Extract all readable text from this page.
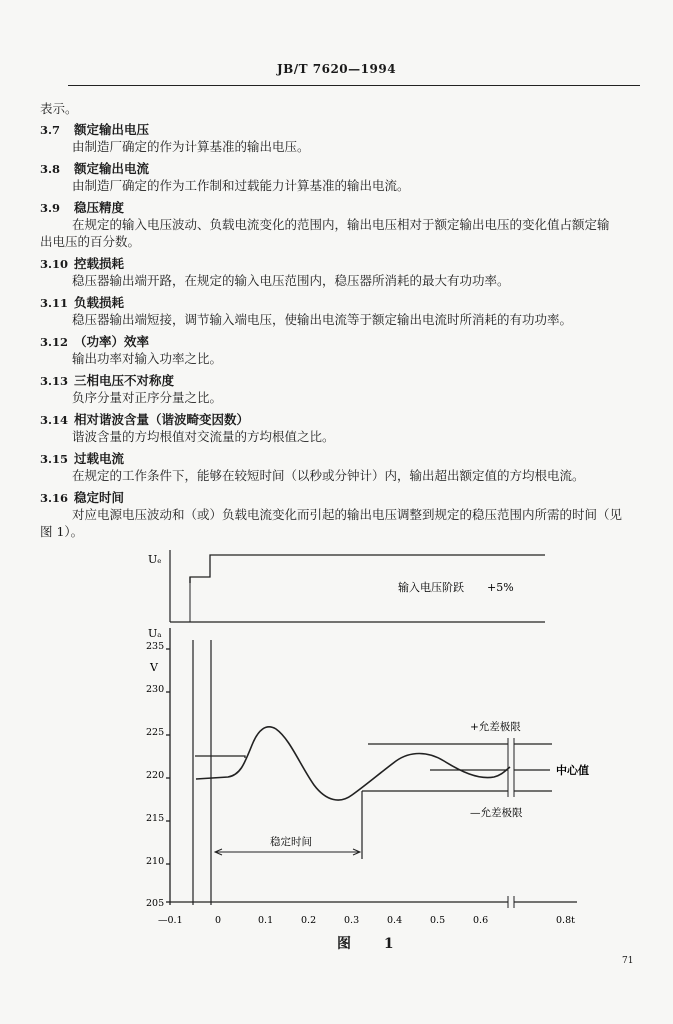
JB/T 7620—1994
表示。
3.7 额定输出电压
由制造厂确定的作为计算基准的输出电压。
3.8 额定输出电流
由制造厂确定的作为工作制和过载能力计算基准的输出电流。
3.9 稳压精度
在规定的输入电压波动、负载电流变化的范围内，输出电压相对于额定输出电压的变化值占额定输
出电压的百分数。
3.10 控载损耗
稳压器输出端开路，在规定的输入电压范围内，稳压器所消耗的最大有功功率。
3.11 负载损耗
稳压器输出端短接，调节输入端电压，使输出电流等于额定输出电流时所消耗的有功功率。
3.12 （功率）效率
输出功率对输入功率之比。
3.13 三相电压不对称度
负序分量对正序分量之比。
3.14 相对谐波含量（谐波畸变因数）
谐波含量的方均根值对交流量的方均根值之比。
3.15 过载电流
在规定的工作条件下，能够在较短时间（以秒或分钟计）内，输出超出额定值的方均根电流。
3.16 稳定时间
对应电源电压波动和（或）负载电流变化而引起的输出电压调整到规定的稳压范围内所需的时间（见
图 1）。
Uₑ
Uₐ
V
输入电压阶跃 +5%
+允差极限
中心值
—允差极限
稳定时间
235
230
225
220
215
210
205
—0.1	0	0.1	0.2	0.3	0.4	0.5	0.6	0.8t
图 1
71
